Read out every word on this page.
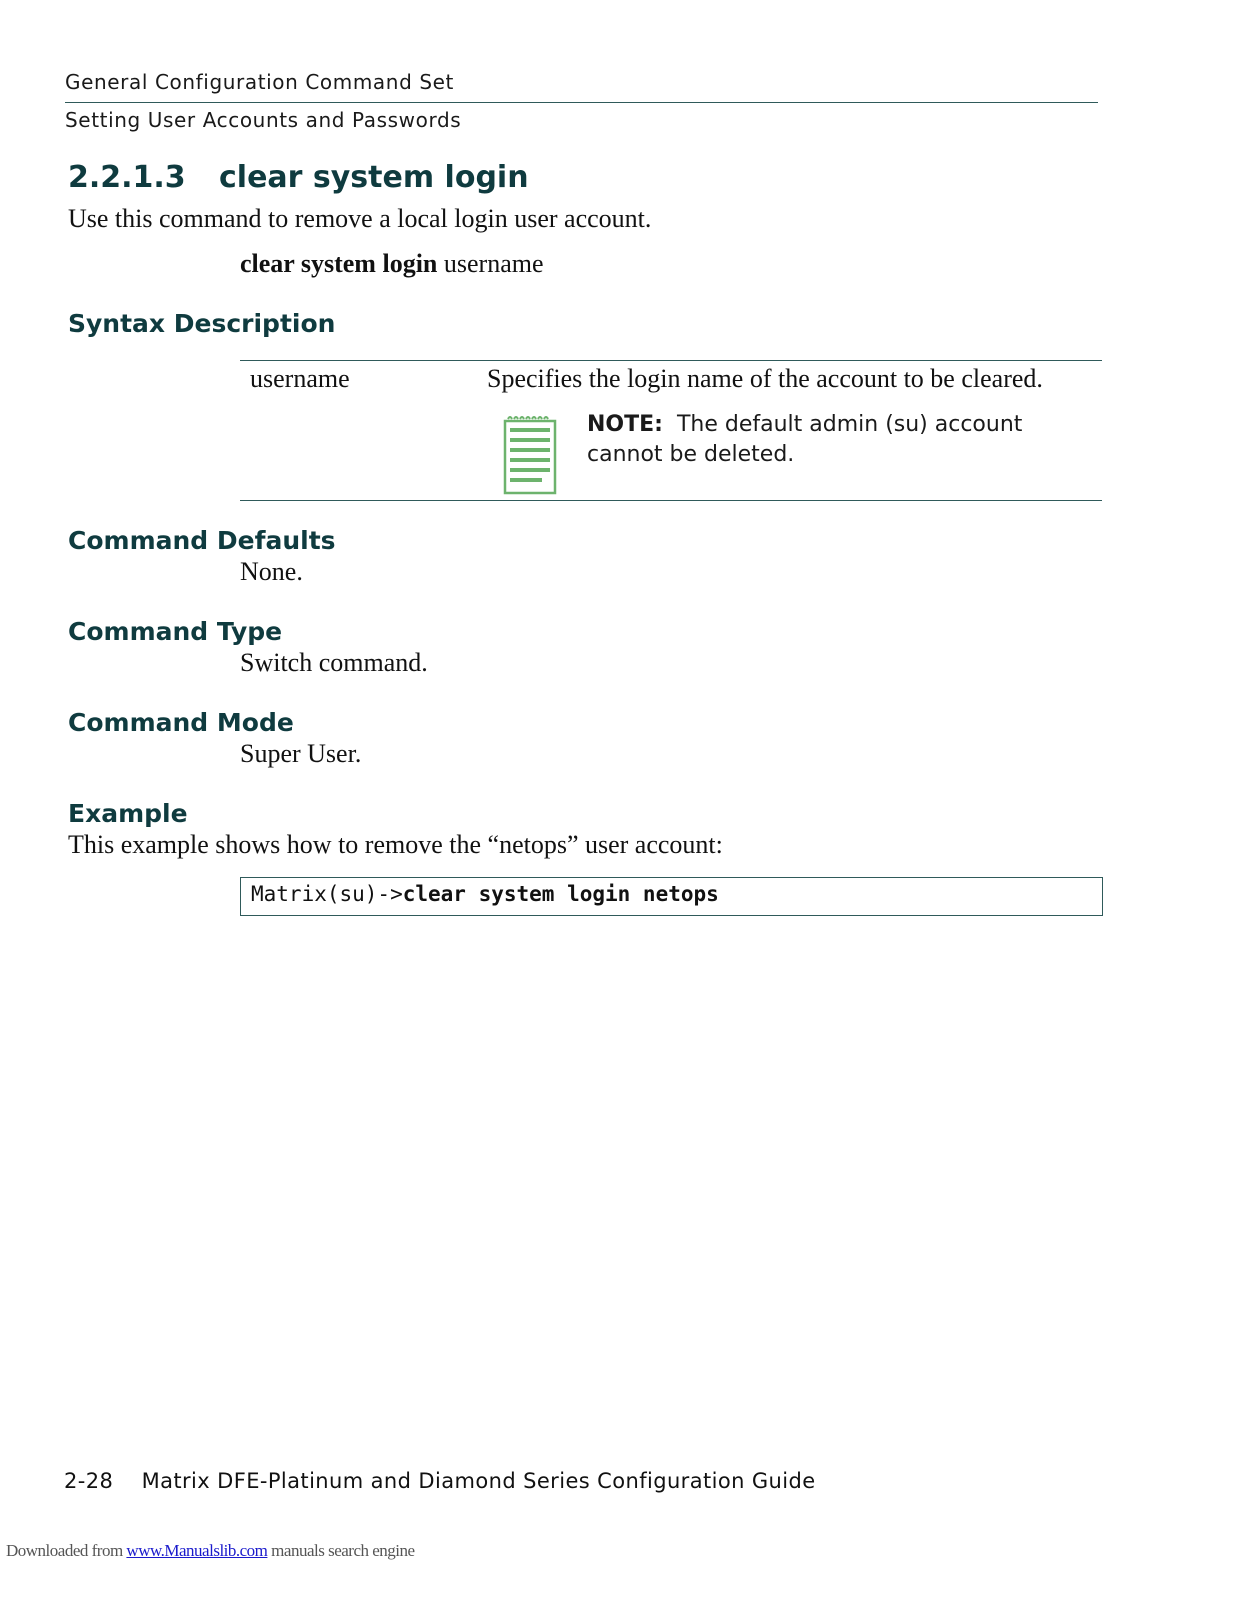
General Configuration Command Set
Setting User Accounts and Passwords
2.2.1.3 clear system login
Use this command to remove a local login user account.
clear system login username
Syntax Description
username	Specifies the login name of the account to be cleared.
NOTE: The default admin (su) account cannot be deleted.
Command Defaults
None.
Command Type
Switch command.
Command Mode
Super User.
Example
This example shows how to remove the “netops” user account:
Matrix(su)->clear system login netops
2-28 Matrix DFE-Platinum and Diamond Series Configuration Guide
Downloaded from www.Manualslib.com manuals search engine
